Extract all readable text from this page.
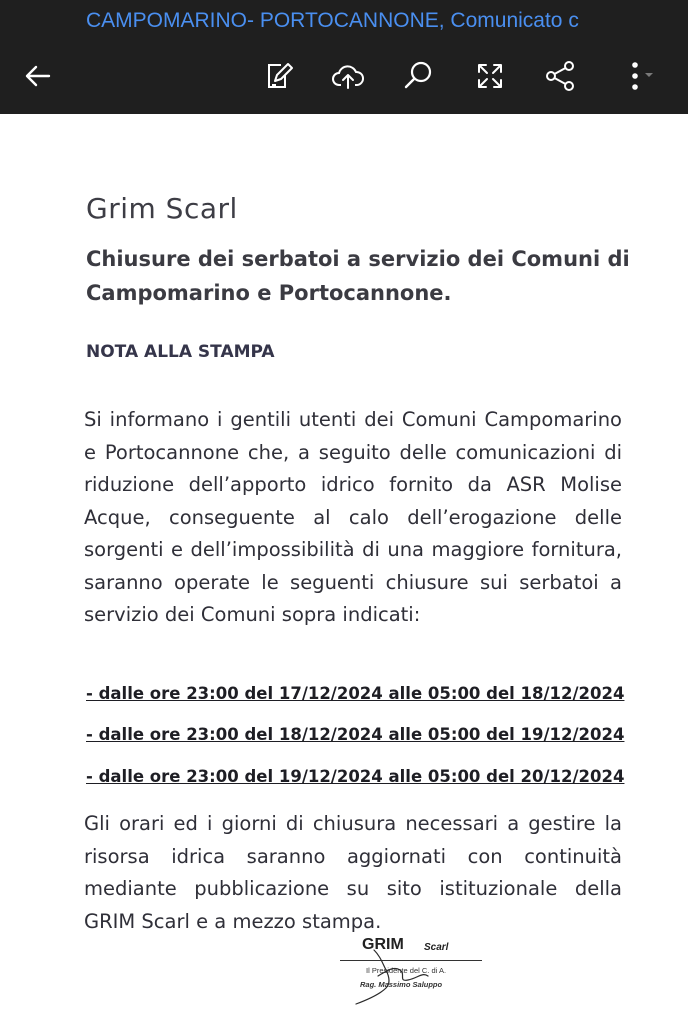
CAMPOMARINO- PORTOCANNONE, Comunicato c
Grim Scarl
Chiusure dei serbatoi a servizio dei Comuni di Campomarino e Portocannone.
NOTA ALLA STAMPA
Si informano i gentili utenti dei Comuni Campomarino e Portocannone che, a seguito delle comunicazioni di riduzione dell’apporto idrico fornito da ASR Molise Acque, conseguente al calo dell’erogazione delle sorgenti e dell’impossibilità di una maggiore fornitura, saranno operate le seguenti chiusure sui serbatoi a servizio dei Comuni sopra indicati:
- dalle ore 23:00 del 17/12/2024 alle 05:00 del 18/12/2024
- dalle ore 23:00 del 18/12/2024 alle 05:00 del 19/12/2024
- dalle ore 23:00 del 19/12/2024 alle 05:00 del 20/12/2024
Gli orari ed i giorni di chiusura necessari a gestire la risorsa idrica saranno aggiornati con continuità mediante pubblicazione su sito istituzionale della GRIM Scarl e a mezzo stampa.
GRIM Scarl
Il Presidente del C. di A.
Rag. Massimo Saluppo
